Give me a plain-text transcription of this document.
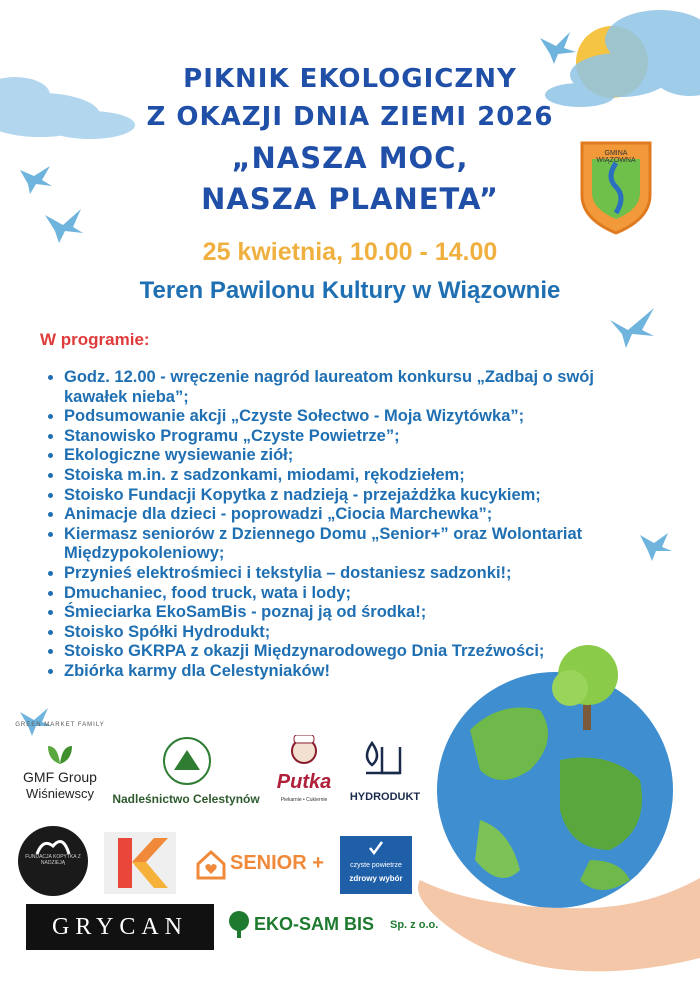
GMINA WIĄZOWNA
PIKNIK EKOLOGICZNY
Z OKAZJI DNIA ZIEMI 2026
„NASZA MOC,
NASZA PLANETA”
25 kwietnia, 10.00 - 14.00
Teren Pawilonu Kultury w Wiązownie
W programie:
• Godz. 12.00 - wręczenie nagród laureatom konkursu „Zadbaj o swój kawałek nieba”;
• Podsumowanie akcji „Czyste Sołectwo - Moja Wizytówka”;
• Stanowisko Programu „Czyste Powietrze”;
• Ekologiczne wysiewanie ziół;
• Stoiska m.in. z sadzonkami, miodami, rękodziełem;
• Stoisko Fundacji Kopytka z nadzieją - przejażdżka kucykiem;
• Animacje dla dzieci - poprowadzi „Ciocia Marchewka”;
• Kiermasz seniorów z Dziennego Domu „Senior+” oraz Wolontariat Międzypokoleniowy;
• Przynieś elektrośmieci i tekstylia – dostaniesz sadzonki!;
• Dmuchaniec, food truck, wata i lody;
• Śmieciarka EkoSamBis - poznaj ją od środka!;
• Stoisko Spółki Hydrodukt;
• Stoisko GKRPA z okazji Międzynarodowego Dnia Trzeźwości;
• Zbiórka karmy dla Celestyniaków!
GREEN MARKET FAMILY
GMF Group
Wiśniewscy	Nadleśnictwo Celestynów
Putka
Piekarnie • Cukiernie	HYDRODUKT
FUNDACJA KOPYTKA Z NADZIEJĄ	SENIOR +	czyste powietrze
zdrowy wybór
GRYCAN	EKO-SAM BIS Sp. z o.o.
